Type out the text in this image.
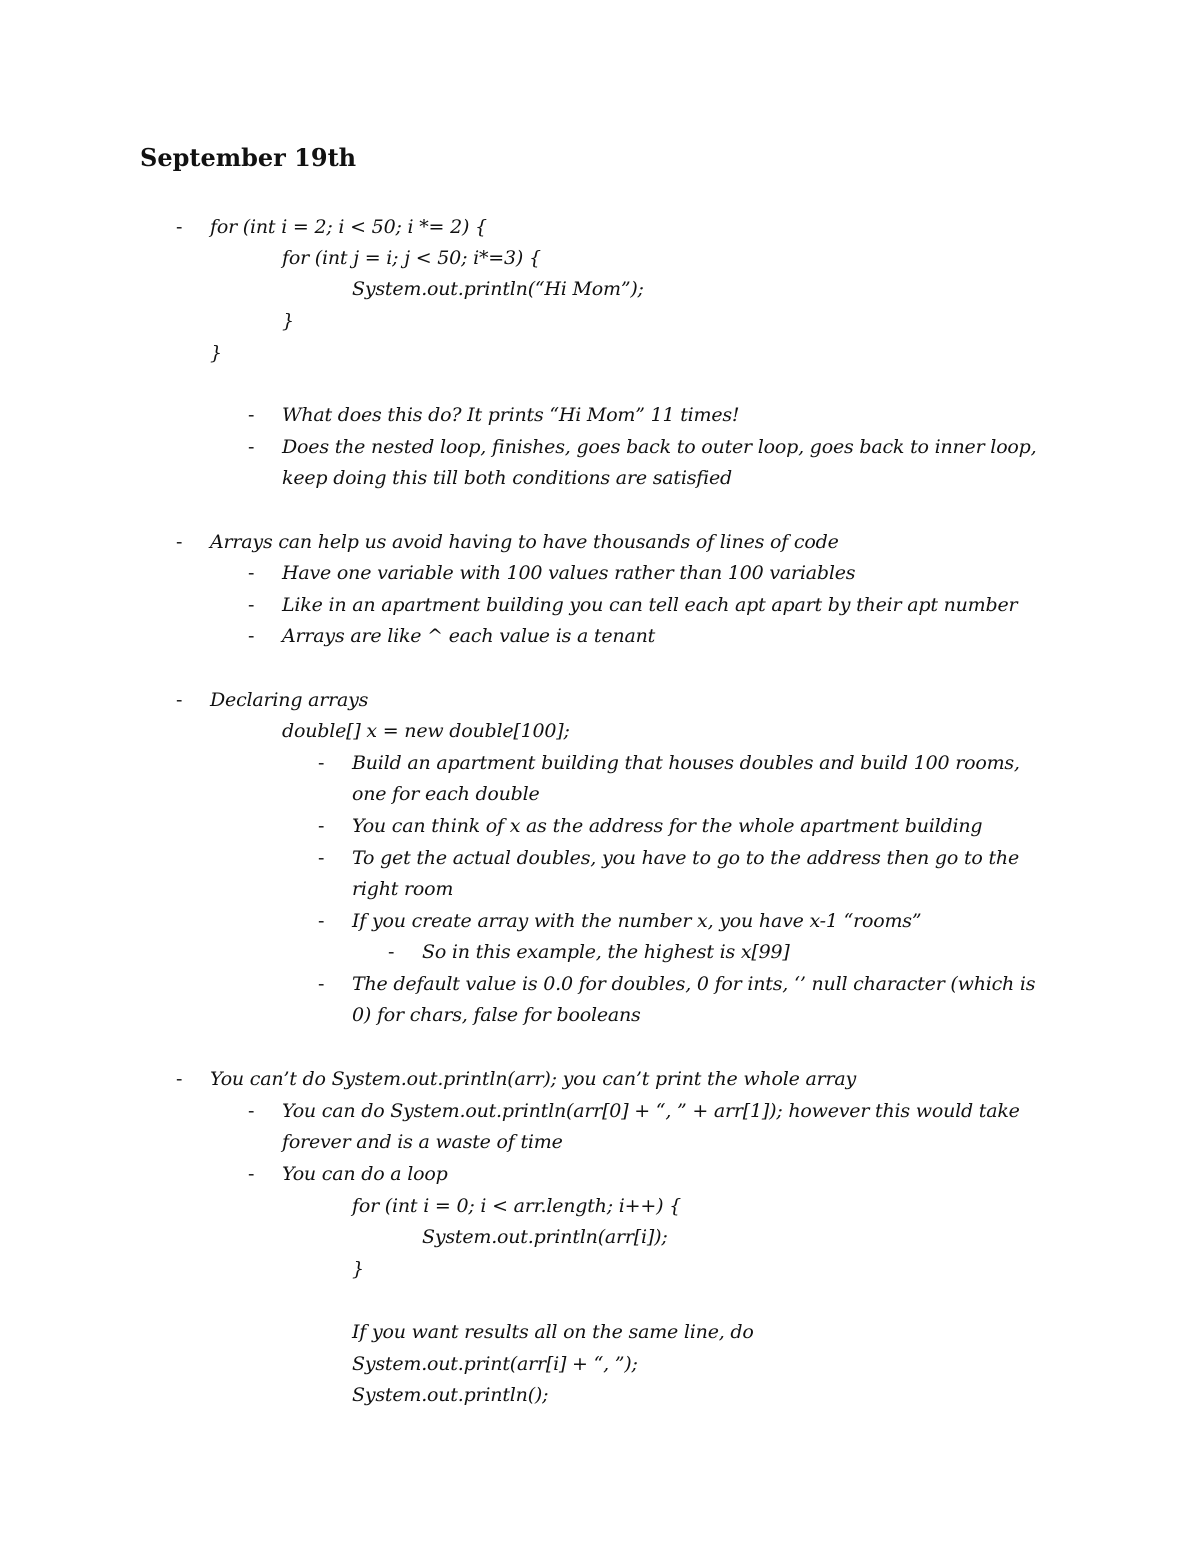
September 19th
- for (int i = 2; i < 50; i *= 2) {
for (int j = i; j < 50; i*=3) {
System.out.println(“Hi Mom”);
}
}
- What does this do? It prints “Hi Mom” 11 times!
- Does the nested loop, finishes, goes back to outer loop, goes back to inner loop,
keep doing this till both conditions are satisfied
- Arrays can help us avoid having to have thousands of lines of code
- Have one variable with 100 values rather than 100 variables
- Like in an apartment building you can tell each apt apart by their apt number
- Arrays are like ^ each value is a tenant
- Declaring arrays
double[] x = new double[100];
- Build an apartment building that houses doubles and build 100 rooms,
one for each double
- You can think of x as the address for the whole apartment building
- To get the actual doubles, you have to go to the address then go to the
right room
- If you create array with the number x, you have x-1 “rooms”
- So in this example, the highest is x[99]
- The default value is 0.0 for doubles, 0 for ints, ‘’ null character (which is
0) for chars, false for booleans
- You can’t do System.out.println(arr); you can’t print the whole array
- You can do System.out.println(arr[0] + “, ” + arr[1]); however this would take
forever and is a waste of time
- You can do a loop
for (int i = 0; i < arr.length; i++) {
System.out.println(arr[i]);
}
If you want results all on the same line, do
System.out.print(arr[i] + “, ”);
System.out.println();
